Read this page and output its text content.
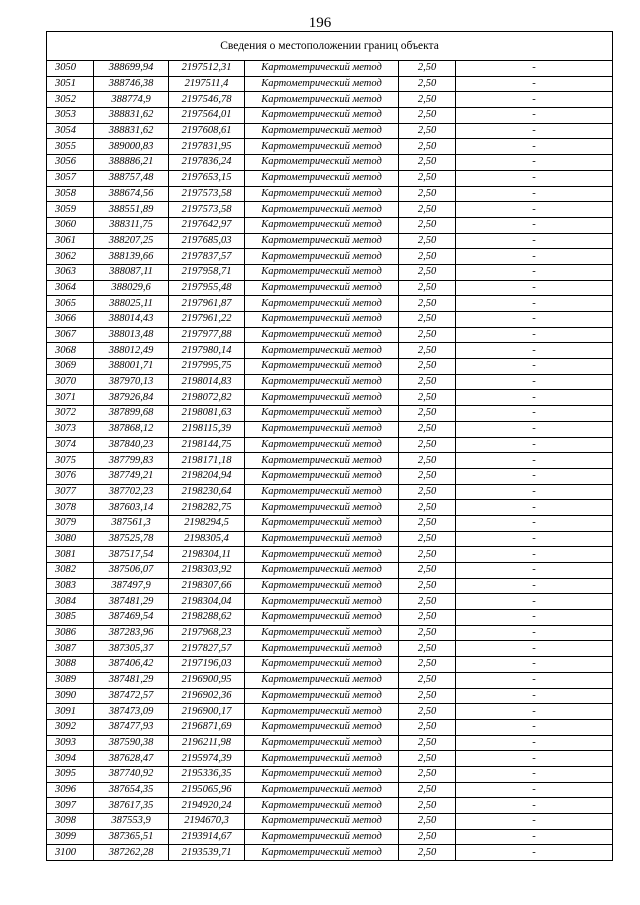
196
Сведения о местоположении границ объекта					
3050	388699,94	2197512,31	Картометрический метод	2,50	-
3051	388746,38	2197511,4	Картометрический метод	2,50	-
3052	388774,9	2197546,78	Картометрический метод	2,50	-
3053	388831,62	2197564,01	Картометрический метод	2,50	-
3054	388831,62	2197608,61	Картометрический метод	2,50	-
3055	389000,83	2197831,95	Картометрический метод	2,50	-
3056	388886,21	2197836,24	Картометрический метод	2,50	-
3057	388757,48	2197653,15	Картометрический метод	2,50	-
3058	388674,56	2197573,58	Картометрический метод	2,50	-
3059	388551,89	2197573,58	Картометрический метод	2,50	-
3060	388311,75	2197642,97	Картометрический метод	2,50	-
3061	388207,25	2197685,03	Картометрический метод	2,50	-
3062	388139,66	2197837,57	Картометрический метод	2,50	-
3063	388087,11	2197958,71	Картометрический метод	2,50	-
3064	388029,6	2197955,48	Картометрический метод	2,50	-
3065	388025,11	2197961,87	Картометрический метод	2,50	-
3066	388014,43	2197961,22	Картометрический метод	2,50	-
3067	388013,48	2197977,88	Картометрический метод	2,50	-
3068	388012,49	2197980,14	Картометрический метод	2,50	-
3069	388001,71	2197995,75	Картометрический метод	2,50	-
3070	387970,13	2198014,83	Картометрический метод	2,50	-
3071	387926,84	2198072,82	Картометрический метод	2,50	-
3072	387899,68	2198081,63	Картометрический метод	2,50	-
3073	387868,12	2198115,39	Картометрический метод	2,50	-
3074	387840,23	2198144,75	Картометрический метод	2,50	-
3075	387799,83	2198171,18	Картометрический метод	2,50	-
3076	387749,21	2198204,94	Картометрический метод	2,50	-
3077	387702,23	2198230,64	Картометрический метод	2,50	-
3078	387603,14	2198282,75	Картометрический метод	2,50	-
3079	387561,3	2198294,5	Картометрический метод	2,50	-
3080	387525,78	2198305,4	Картометрический метод	2,50	-
3081	387517,54	2198304,11	Картометрический метод	2,50	-
3082	387506,07	2198303,92	Картометрический метод	2,50	-
3083	387497,9	2198307,66	Картометрический метод	2,50	-
3084	387481,29	2198304,04	Картометрический метод	2,50	-
3085	387469,54	2198288,62	Картометрический метод	2,50	-
3086	387283,96	2197968,23	Картометрический метод	2,50	-
3087	387305,37	2197827,57	Картометрический метод	2,50	-
3088	387406,42	2197196,03	Картометрический метод	2,50	-
3089	387481,29	2196900,95	Картометрический метод	2,50	-
3090	387472,57	2196902,36	Картометрический метод	2,50	-
3091	387473,09	2196900,17	Картометрический метод	2,50	-
3092	387477,93	2196871,69	Картометрический метод	2,50	-
3093	387590,38	2196211,98	Картометрический метод	2,50	-
3094	387628,47	2195974,39	Картометрический метод	2,50	-
3095	387740,92	2195336,35	Картометрический метод	2,50	-
3096	387654,35	2195065,96	Картометрический метод	2,50	-
3097	387617,35	2194920,24	Картометрический метод	2,50	-
3098	387553,9	2194670,3	Картометрический метод	2,50	-
3099	387365,51	2193914,67	Картометрический метод	2,50	-
3100	387262,28	2193539,71	Картометрический метод	2,50	-
